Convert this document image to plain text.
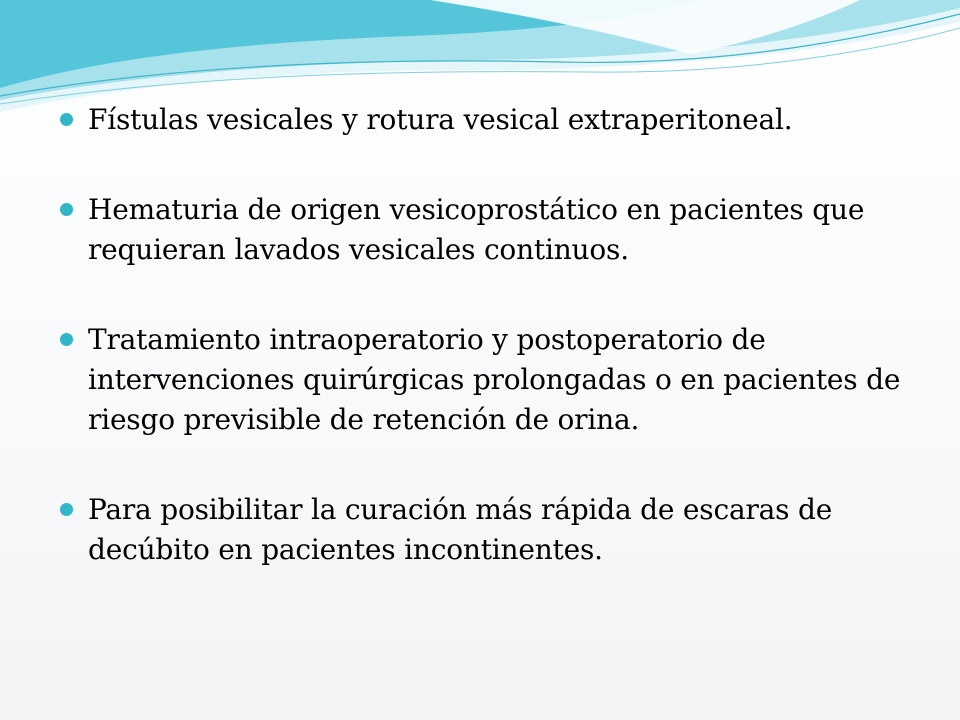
Fístulas vesicales y rotura vesical extraperitoneal.
Hematuria de origen vesicoprostático en pacientes que requieran lavados vesicales continuos.
Tratamiento intraoperatorio y postoperatorio de intervenciones quirúrgicas prolongadas o en pacientes de riesgo previsible de retención de orina.
Para posibilitar la curación más rápida de escaras de decúbito en pacientes incontinentes.
